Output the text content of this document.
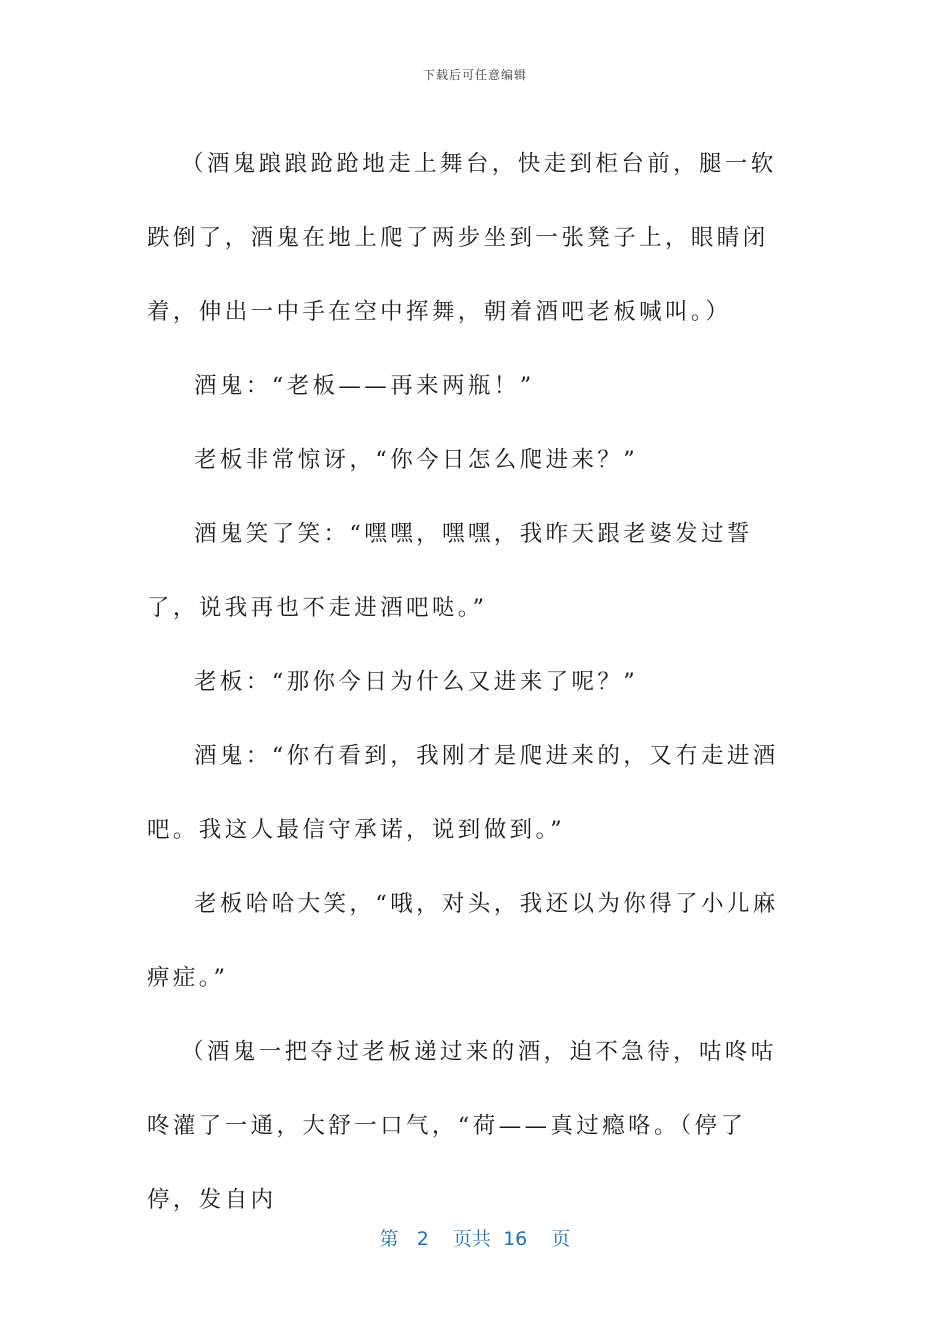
下载后可任意编辑

（酒鬼踉踉跄跄地走上舞台，快走到柜台前，腿一软跌倒了，酒鬼在地上爬了两步坐到一张凳子上，眼睛闭着，伸出一中手在空中挥舞，朝着酒吧老板喊叫。）

酒鬼：“老板——再来两瓶！”

老板非常惊讶，“你今日怎么爬进来？”

酒鬼笑了笑：“嘿嘿，嘿嘿，我昨天跟老婆发过誓了，说我再也不走进酒吧哒。”

老板：“那你今日为什么又进来了呢？”

酒鬼：“你冇看到，我刚才是爬进来的，又冇走进酒吧。我这人最信守承诺，说到做到。”

老板哈哈大笑，“哦，对头，我还以为你得了小儿麻痹症。”

（酒鬼一把夺过老板递过来的酒，迫不急待，咕咚咕咚灌了一通，大舒一口气，“荷——真过瘾咯。（停了停，发自内

第 2 页共 16 页
